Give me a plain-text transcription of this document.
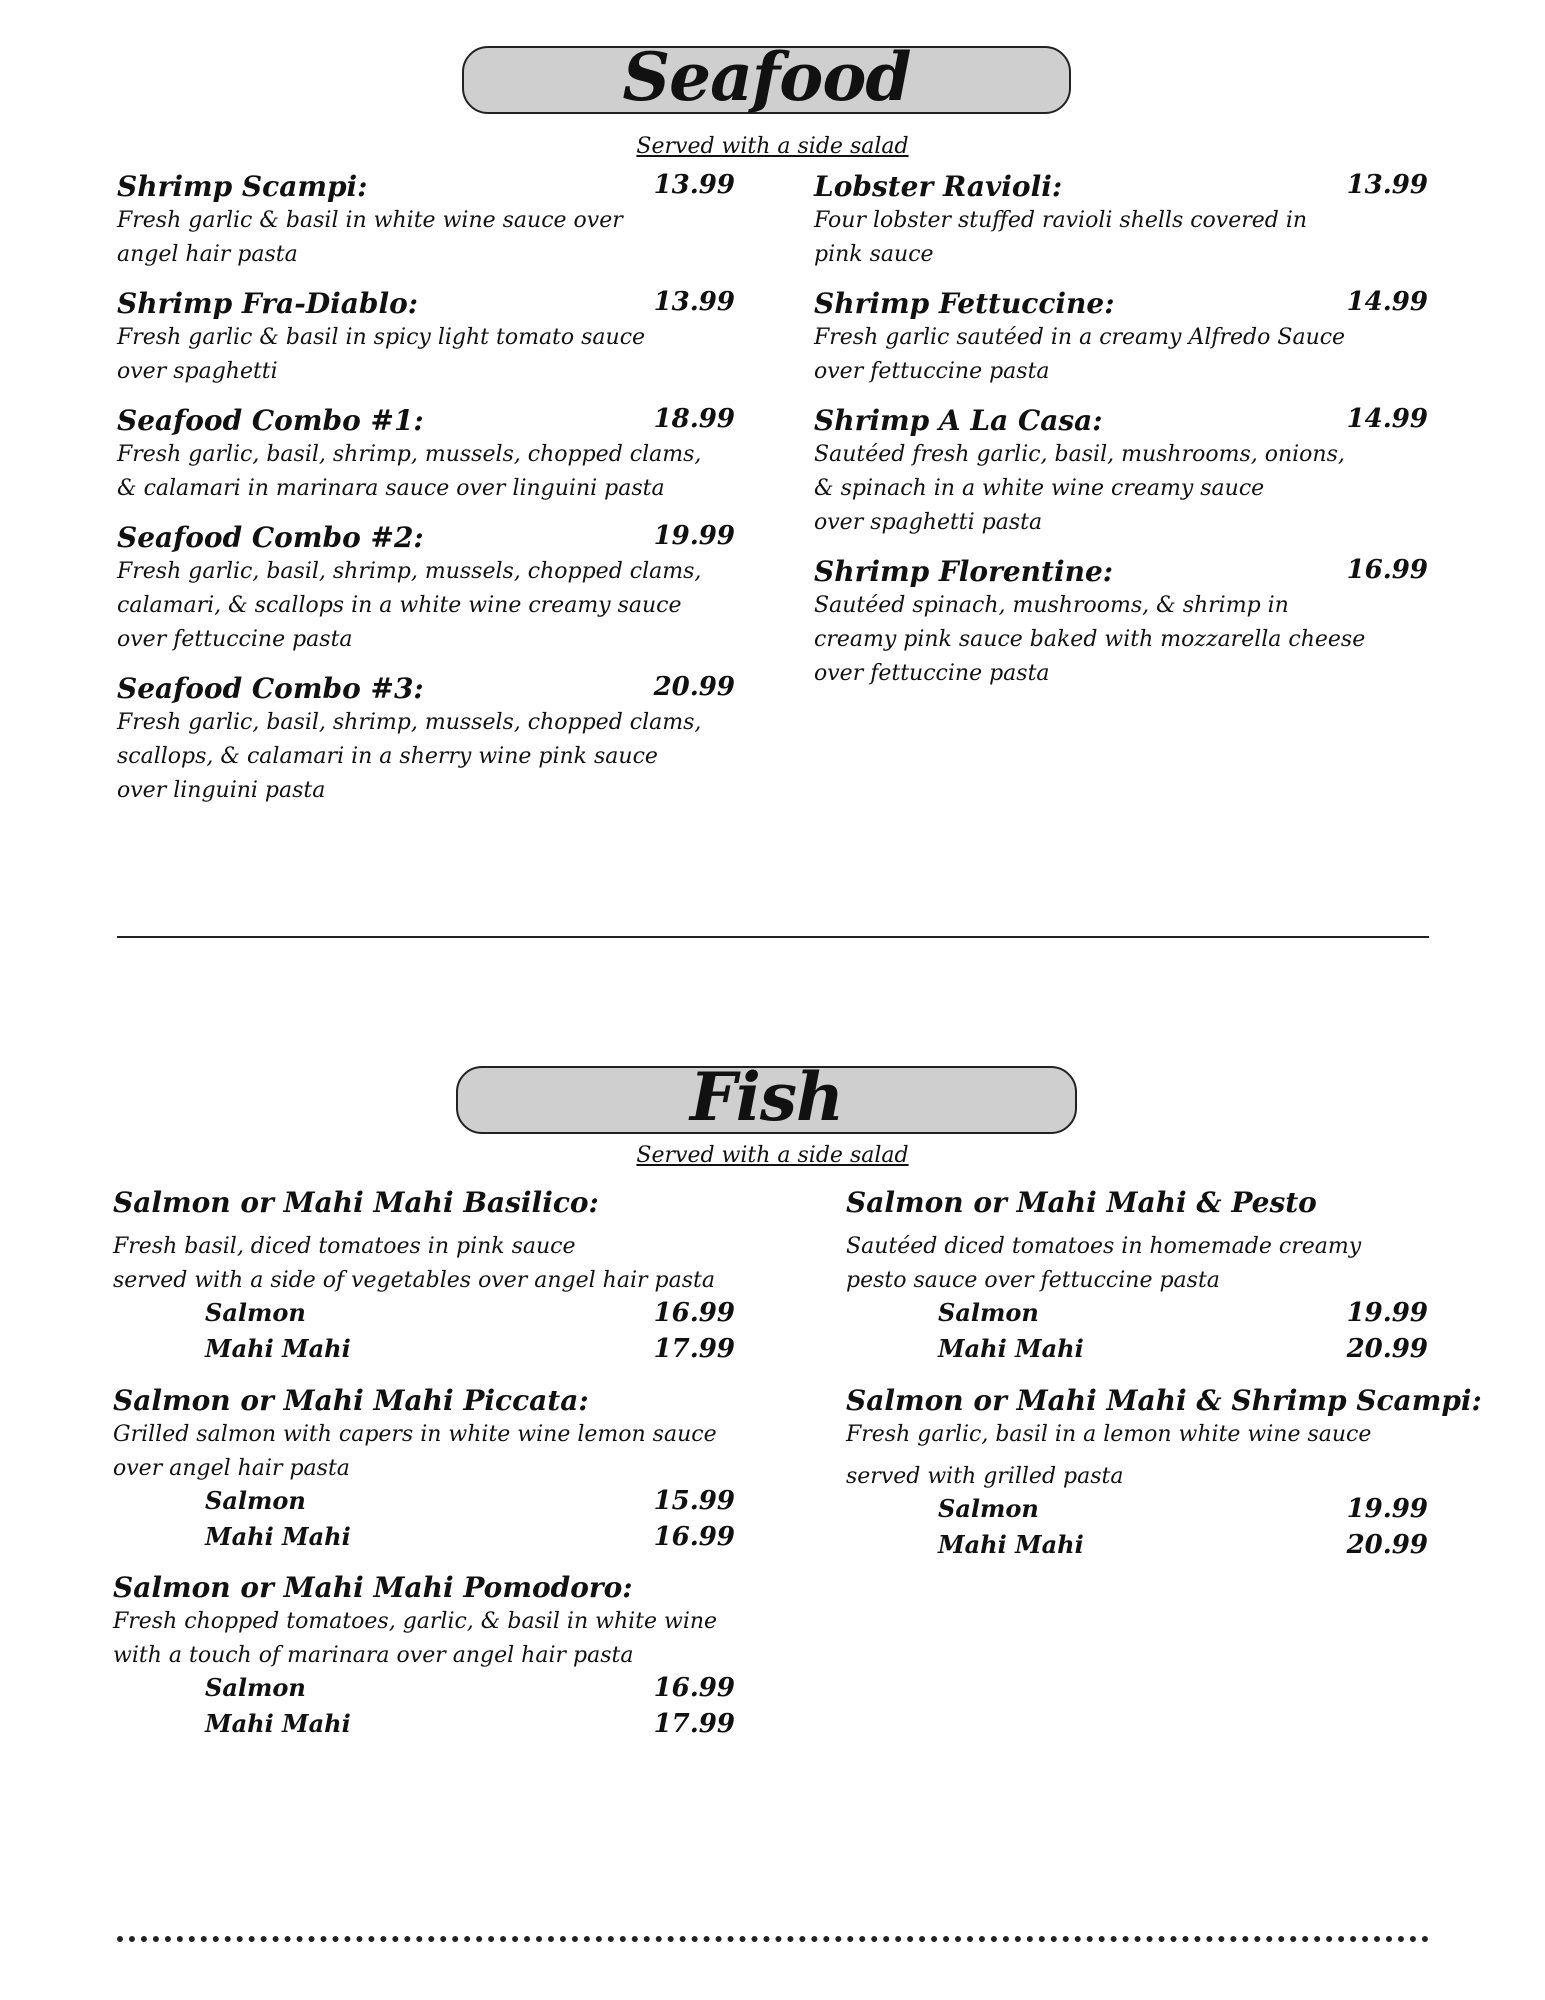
Seafood
Served with a side salad
Shrimp Scampi:	13.99
Fresh garlic & basil in white wine sauce over
angel hair pasta
Shrimp Fra-Diablo:	13.99
Fresh garlic & basil in spicy light tomato sauce
over spaghetti
Seafood Combo #1:	18.99
Fresh garlic, basil, shrimp, mussels, chopped clams,
& calamari in marinara sauce over linguini pasta
Seafood Combo #2:	19.99
Fresh garlic, basil, shrimp, mussels, chopped clams,
calamari, & scallops in a white wine creamy sauce
over fettuccine pasta
Seafood Combo #3:	20.99
Fresh garlic, basil, shrimp, mussels, chopped clams,
scallops, & calamari in a sherry wine pink sauce
over linguini pasta
Lobster Ravioli:	13.99
Four lobster stuffed ravioli shells covered in
pink sauce
Shrimp Fettuccine:	14.99
Fresh garlic sautéed in a creamy Alfredo Sauce
over fettuccine pasta
Shrimp A La Casa:	14.99
Sautéed fresh garlic, basil, mushrooms, onions,
& spinach in a white wine creamy sauce
over spaghetti pasta
Shrimp Florentine:	16.99
Sautéed spinach, mushrooms, & shrimp in
creamy pink sauce baked with mozzarella cheese
over fettuccine pasta
Fish
Served with a side salad
Salmon or Mahi Mahi Basilico:
Fresh basil, diced tomatoes in pink sauce
served with a side of vegetables over angel hair pasta
Salmon	16.99
Mahi Mahi	17.99
Salmon or Mahi Mahi Piccata:
Grilled salmon with capers in white wine lemon sauce
over angel hair pasta
Salmon	15.99
Mahi Mahi	16.99
Salmon or Mahi Mahi Pomodoro:
Fresh chopped tomatoes, garlic, & basil in white wine
with a touch of marinara over angel hair pasta
Salmon	16.99
Mahi Mahi	17.99
Salmon or Mahi Mahi & Pesto
Sautéed diced tomatoes in homemade creamy
pesto sauce over fettuccine pasta
Salmon	19.99
Mahi Mahi	20.99
Salmon or Mahi Mahi & Shrimp Scampi:
Fresh garlic, basil in a lemon white wine sauce
served with grilled pasta
Salmon	19.99
Mahi Mahi	20.99
